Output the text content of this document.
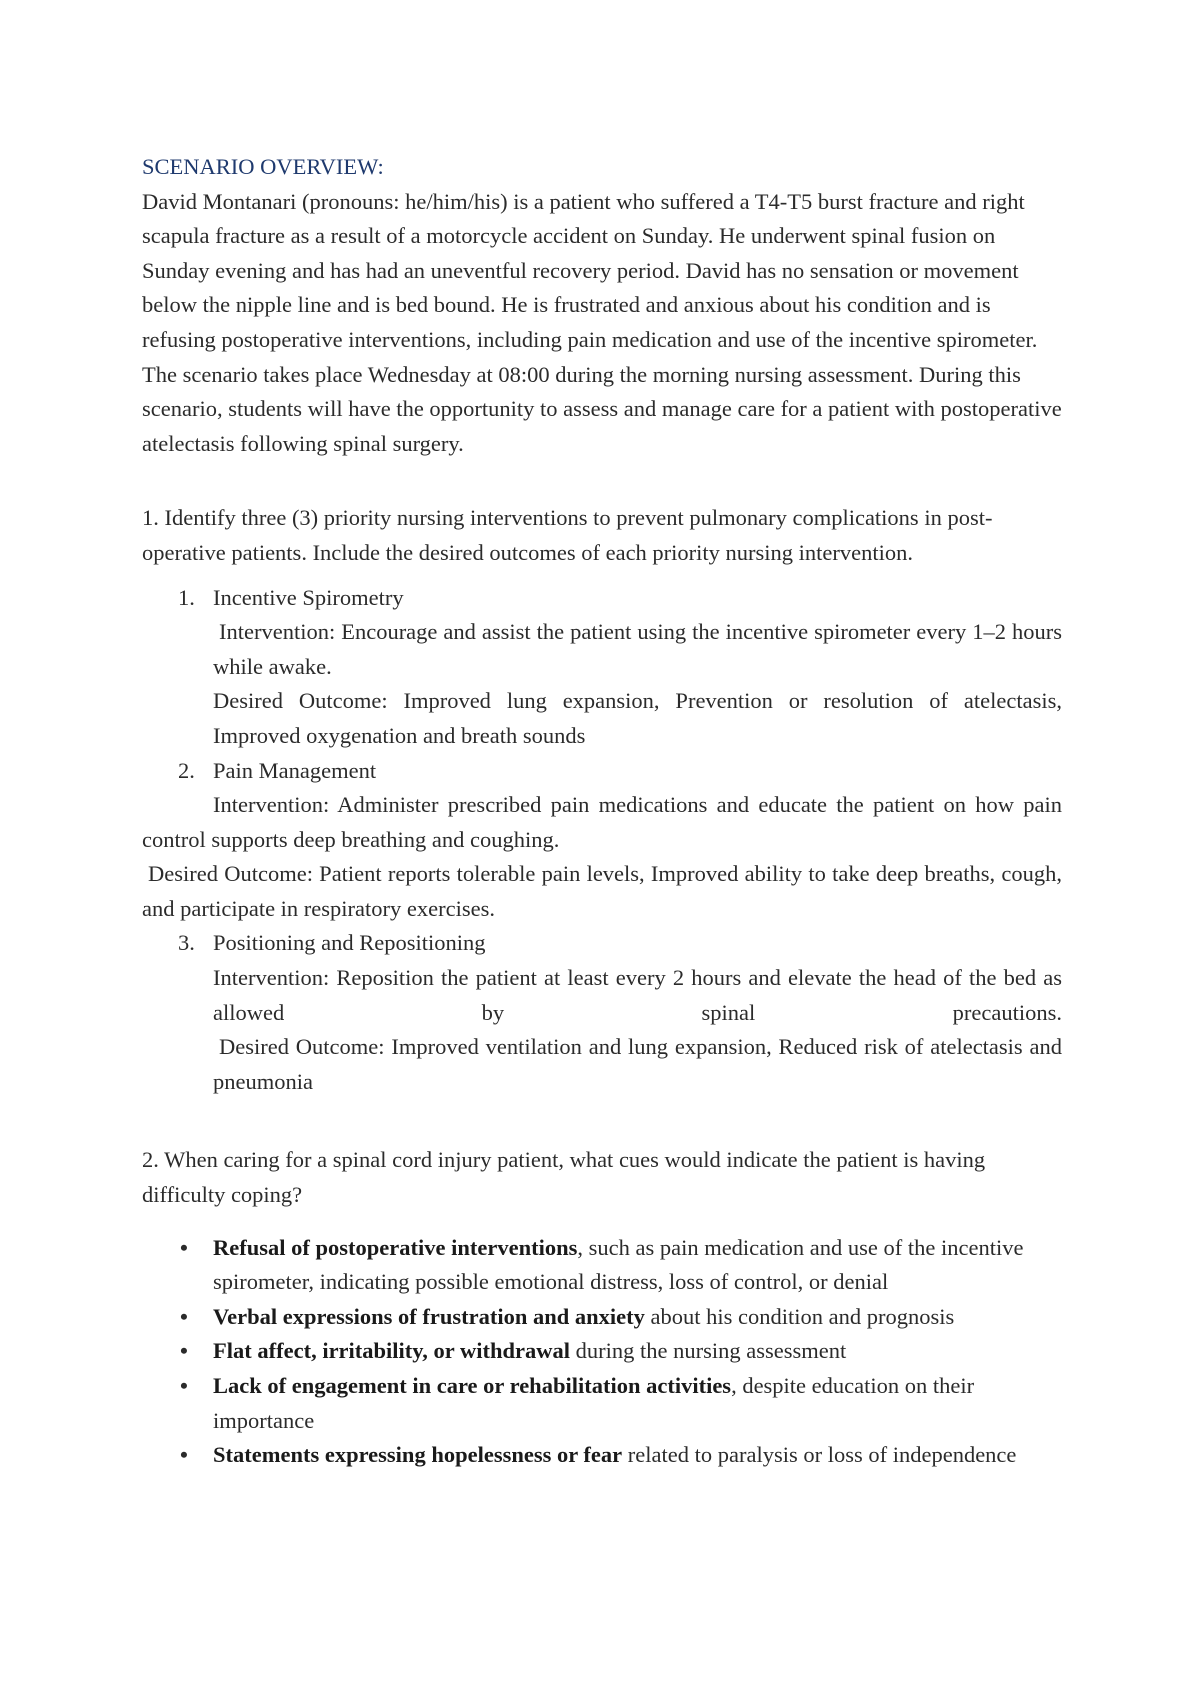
SCENARIO OVERVIEW:

David Montanari (pronouns: he/him/his) is a patient who suffered a T4-T5 burst fracture and right scapula fracture as a result of a motorcycle accident on Sunday. He underwent spinal fusion on Sunday evening and has had an uneventful recovery period. David has no sensation or movement below the nipple line and is bed bound. He is frustrated and anxious about his condition and is refusing postoperative interventions, including pain medication and use of the incentive spirometer. The scenario takes place Wednesday at 08:00 during the morning nursing assessment. During this scenario, students will have the opportunity to assess and manage care for a patient with postoperative atelectasis following spinal surgery.

1. Identify three (3) priority nursing interventions to prevent pulmonary complications in post-operative patients. Include the desired outcomes of each priority nursing intervention.

1. Incentive Spirometry

Intervention: Encourage and assist the patient using the incentive spirometer every 1–2 hours while awake.

Desired Outcome: Improved lung expansion, Prevention or resolution of atelectasis, Improved oxygenation and breath sounds

2. Pain Management

Intervention: Administer prescribed pain medications and educate the patient on how pain control supports deep breathing and coughing.

Desired Outcome: Patient reports tolerable pain levels, Improved ability to take deep breaths, cough, and participate in respiratory exercises.

3. Positioning and Repositioning

Intervention: Reposition the patient at least every 2 hours and elevate the head of the bed as allowed by spinal precautions.

Desired Outcome: Improved ventilation and lung expansion, Reduced risk of atelectasis and pneumonia

2. When caring for a spinal cord injury patient, what cues would indicate the patient is having difficulty coping?

• Refusal of postoperative interventions, such as pain medication and use of the incentive spirometer, indicating possible emotional distress, loss of control, or denial
• Verbal expressions of frustration and anxiety about his condition and prognosis
• Flat affect, irritability, or withdrawal during the nursing assessment
• Lack of engagement in care or rehabilitation activities, despite education on their importance
• Statements expressing hopelessness or fear related to paralysis or loss of independence
